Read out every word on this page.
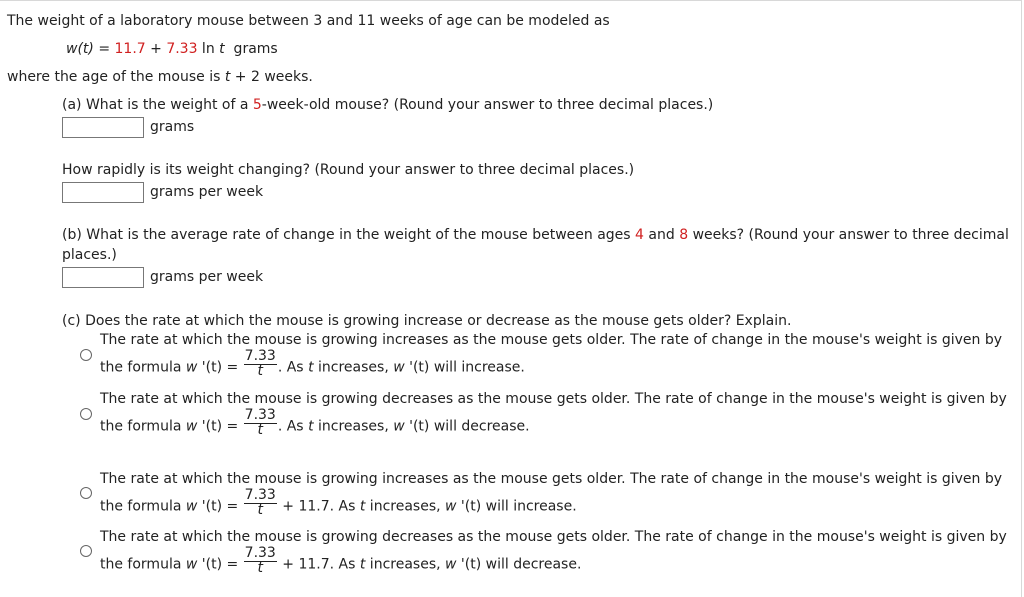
The weight of a laboratory mouse between 3 and 11 weeks of age can be modeled as
w(t) = 11.7 + 7.33 ln t  grams
where the age of the mouse is t + 2 weeks.
(a) What is the weight of a 5-week-old mouse? (Round your answer to three decimal places.)
grams
How rapidly is its weight changing? (Round your answer to three decimal places.)
grams per week
(b) What is the average rate of change in the weight of the mouse between ages 4 and 8 weeks? (Round your answer to three decimal
places.)
grams per week
(c) Does the rate at which the mouse is growing increase or decrease as the mouse gets older? Explain.
The rate at which the mouse is growing increases as the mouse gets older. The rate of change in the mouse's weight is given by
the formula w '$(t) = \frac{7.33}{t}$ . As t increases, w '(t) will increase.
The rate at which the mouse is growing decreases as the mouse gets older. The rate of change in the mouse's weight is given by
the formula w '$(t) = \frac{7.33}{t}$ . As t increases, w '(t) will decrease.
The rate at which the mouse is growing increases as the mouse gets older. The rate of change in the mouse's weight is given by
the formula w '$(t) = \frac{7.33}{t} + 11.7$. As t increases, w '(t) will increase.
The rate at which the mouse is growing decreases as the mouse gets older. The rate of change in the mouse's weight is given by
the formula w '$(t) = \frac{7.33}{t} + 11.7$. As t increases, w '(t) will decrease.
